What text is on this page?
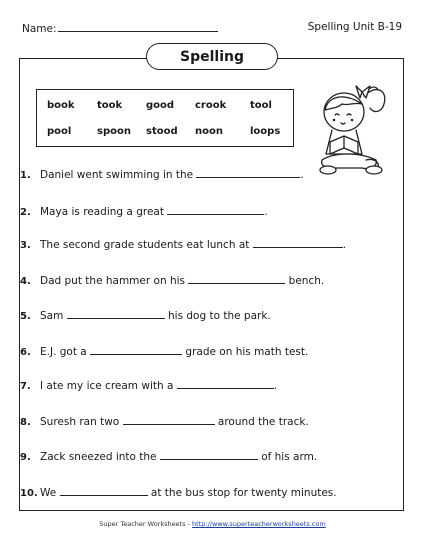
Name:	Spelling Unit B-19
Spelling
book took good crook tool
pool	spoon stood noon	loops
1. Daniel went swimming in the	.
2. Maya is reading a great	.
3. The second grade students eat lunch at	.
4. Dad put the hammer on his	bench.
5. Sam	his dog to the park.
6. E.J. got a	grade on his math test.
7. I ate my ice cream with a	.
8. Suresh ran two	around the track.
9. Zack sneezed into the	of his arm.
10. We	at the bus stop for twenty minutes.
Super Teacher Worksheets - http://www.superteacherworksheets.com
